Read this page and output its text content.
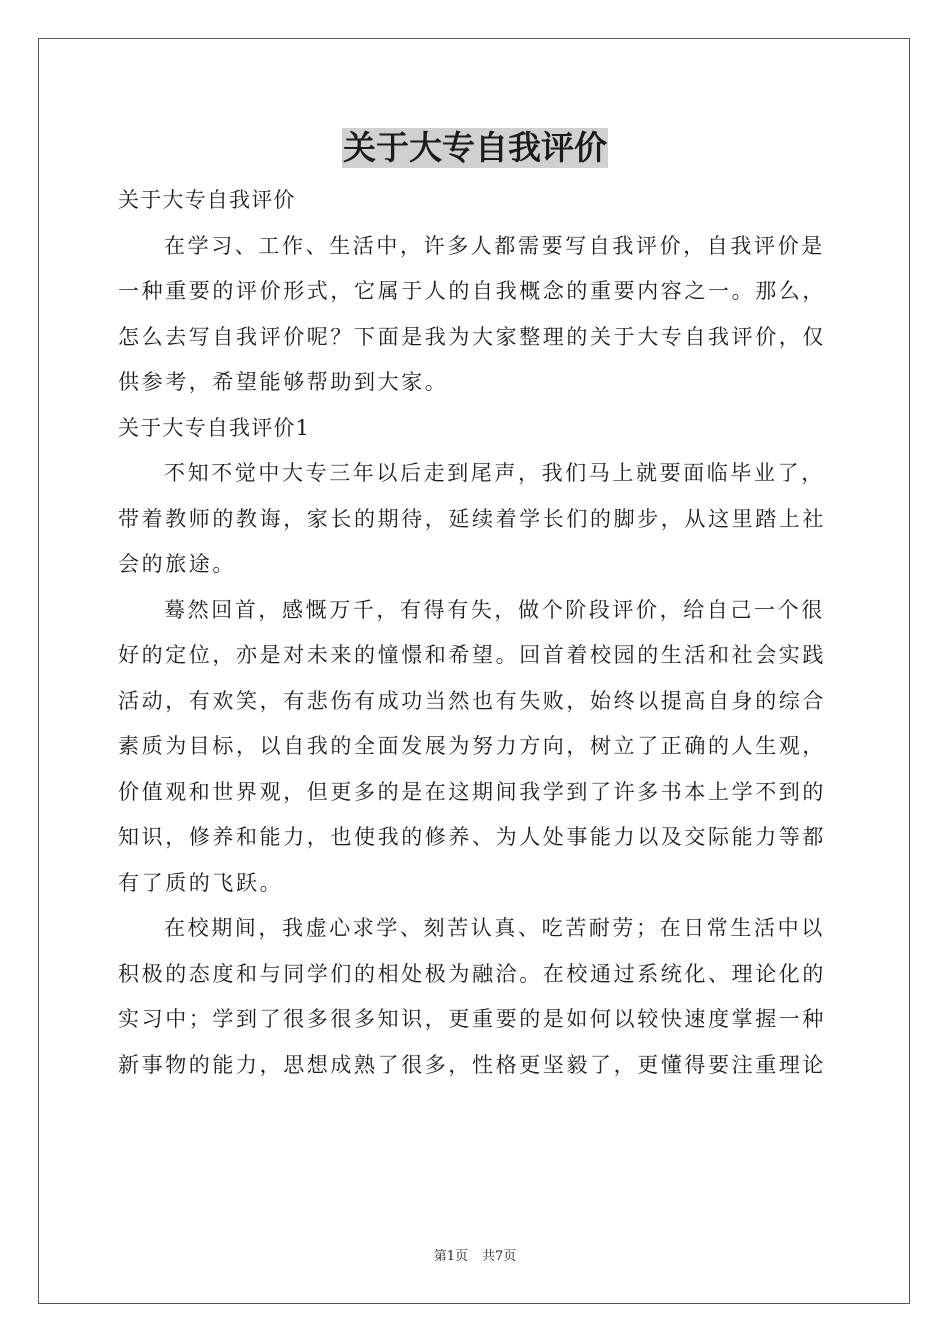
关于大专自我评价
关于大专自我评价
在学习、工作、生活中，许多人都需要写自我评价，自我评价是
一种重要的评价形式，它属于人的自我概念的重要内容之一。那么，
怎么去写自我评价呢？下面是我为大家整理的关于大专自我评价，仅
供参考，希望能够帮助到大家。
关于大专自我评价1
不知不觉中大专三年以后走到尾声，我们马上就要面临毕业了，
带着教师的教诲，家长的期待，延续着学长们的脚步，从这里踏上社
会的旅途。
蓦然回首，感慨万千，有得有失，做个阶段评价，给自己一个很
好的定位，亦是对未来的憧憬和希望。回首着校园的生活和社会实践
活动，有欢笑，有悲伤有成功当然也有失败，始终以提高自身的综合
素质为目标，以自我的全面发展为努力方向，树立了正确的人生观，
价值观和世界观，但更多的是在这期间我学到了许多书本上学不到的
知识，修养和能力，也使我的修养、为人处事能力以及交际能力等都
有了质的飞跃。
在校期间，我虚心求学、刻苦认真、吃苦耐劳；在日常生活中以
积极的态度和与同学们的相处极为融洽。在校通过系统化、理论化的
实习中；学到了很多很多知识，更重要的是如何以较快速度掌握一种
新事物的能力，思想成熟了很多，性格更坚毅了，更懂得要注重理论
第1页 共7页
